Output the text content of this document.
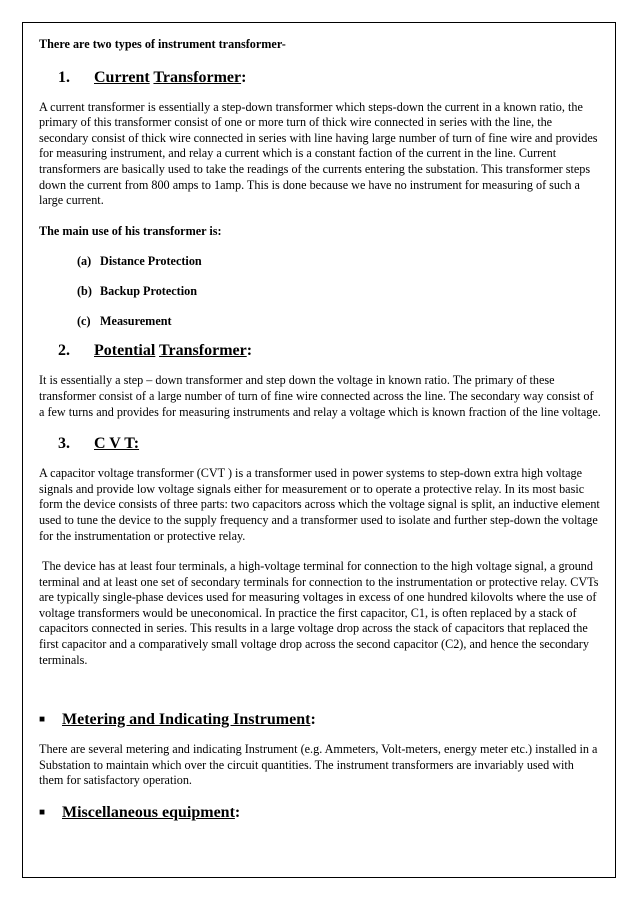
There are two types of instrument transformer-

1. Current Transformer:

A current transformer is essentially a step-down transformer which steps-down the current in a known ratio, the primary of this transformer consist of one or more turn of thick wire connected in series with the line, the secondary consist of thick wire connected in series with line having large number of turn of fine wire and provides for measuring instrument, and relay a current which is a constant faction of the current in the line. Current transformers are basically used to take the readings of the currents entering the substation. This transformer steps down the current from 800 amps to 1amp. This is done because we have no instrument for measuring of such a large current.

The main use of his transformer is:

(a) Distance Protection

(b) Backup Protection

(c) Measurement

2. Potential Transformer:

It is essentially a step – down transformer and step down the voltage in known ratio. The primary of these transformer consist of a large number of turn of fine wire connected across the line. The secondary way consist of a few turns and provides for measuring instruments and relay a voltage which is known fraction of the line voltage.

3. C V T:

A capacitor voltage transformer (CVT ) is a transformer used in power systems to step-down extra high voltage signals and provide low voltage signals either for measurement or to operate a protective relay. In its most basic form the device consists of three parts: two capacitors across which the voltage signal is split, an inductive element used to tune the device to the supply frequency and a transformer used to isolate and further step-down the voltage for the instrumentation or protective relay.

The device has at least four terminals, a high-voltage terminal for connection to the high voltage signal, a ground terminal and at least one set of secondary terminals for connection to the instrumentation or protective relay. CVTs are typically single-phase devices used for measuring voltages in excess of one hundred kilovolts where the use of voltage transformers would be uneconomical. In practice the first capacitor, C1, is often replaced by a stack of capacitors connected in series. This results in a large voltage drop across the stack of capacitors that replaced the first capacitor and a comparatively small voltage drop across the second capacitor (C2), and hence the secondary terminals.

■ Metering and Indicating Instrument:

There are several metering and indicating Instrument (e.g. Ammeters, Volt-meters, energy meter etc.) installed in a Substation to maintain which over the circuit quantities. The instrument transformers are invariably used with them for satisfactory operation.

■ Miscellaneous equipment:
